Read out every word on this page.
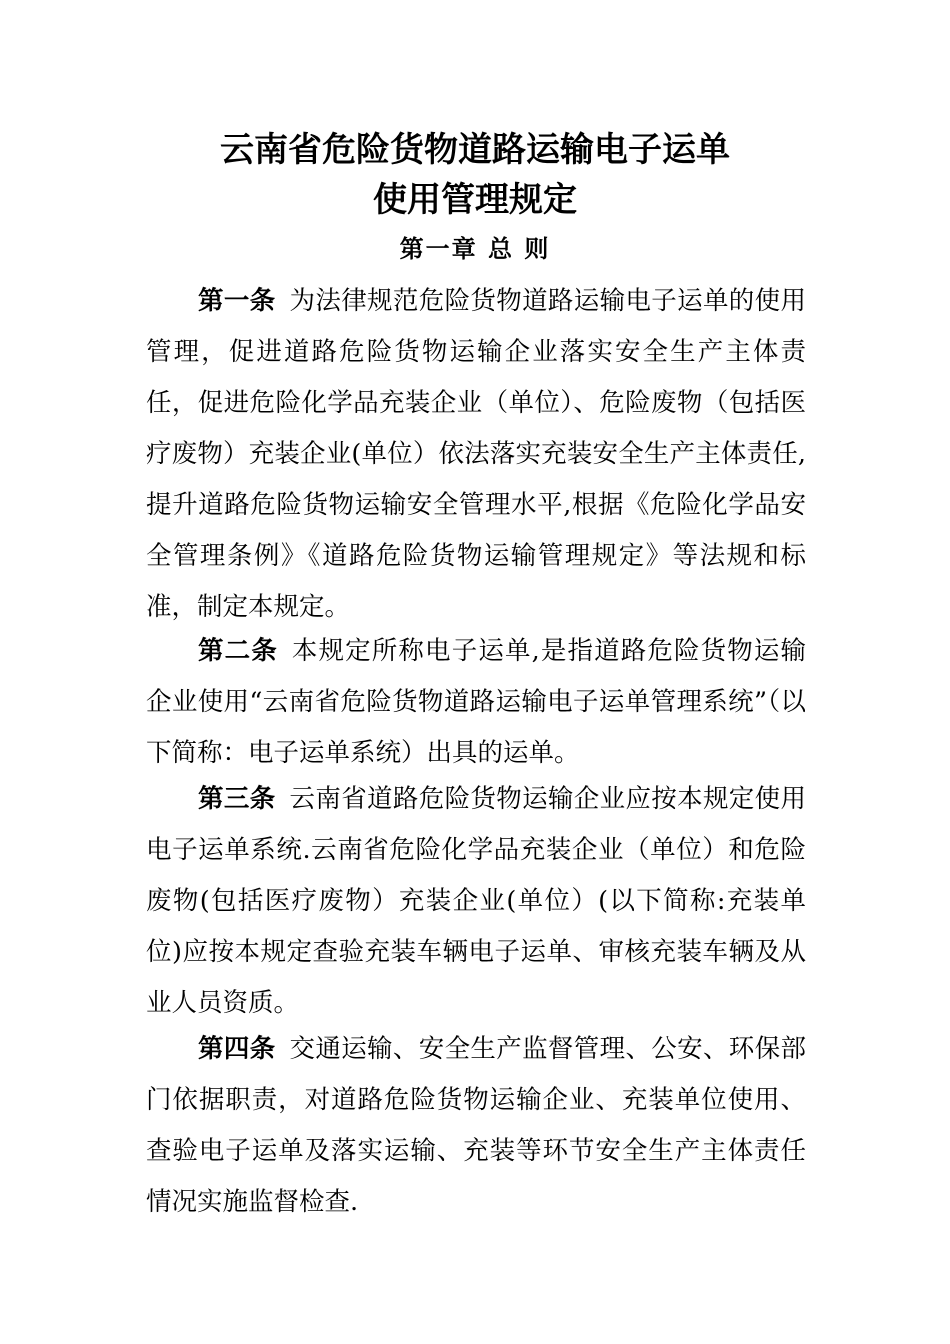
云南省危险货物道路运输电子运单
使用管理规定
第一章 总 则

第一条 为法律规范危险货物道路运输电子运单的使用管理，促进道路危险货物运输企业落实安全生产主体责任，促进危险化学品充装企业（单位）、危险废物（包括医疗废物）充装企业(单位）依法落实充装安全生产主体责任,提升道路危险货物运输安全管理水平,根据《危险化学品安全管理条例》《道路危险货物运输管理规定》等法规和标准，制定本规定。

第二条 本规定所称电子运单,是指道路危险货物运输企业使用“云南省危险货物道路运输电子运单管理系统”（以下简称：电子运单系统）出具的运单。

第三条 云南省道路危险货物运输企业应按本规定使用电子运单系统.云南省危险化学品充装企业（单位）和危险废物(包括医疗废物）充装企业(单位）(以下简称:充装单位)应按本规定查验充装车辆电子运单、审核充装车辆及从业人员资质。

第四条 交通运输、安全生产监督管理、公安、环保部门依据职责，对道路危险货物运输企业、充装单位使用、查验电子运单及落实运输、充装等环节安全生产主体责任情况实施监督检查.
